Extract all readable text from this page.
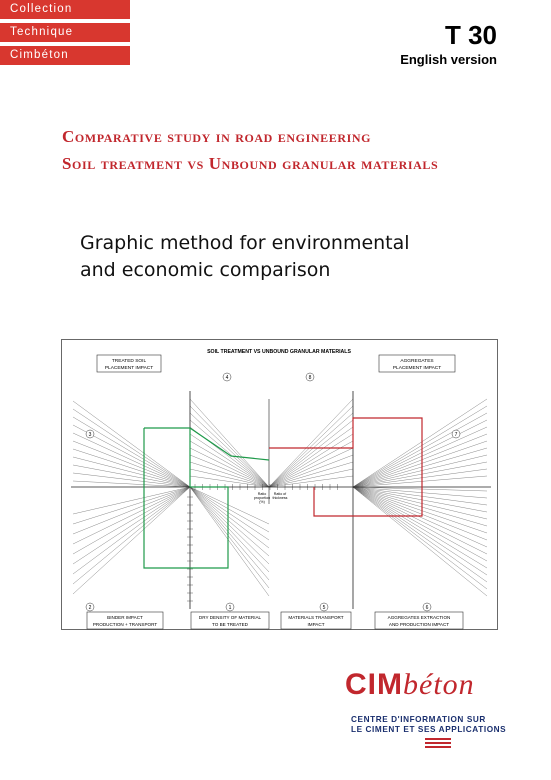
Collection
Technique
Cimbéton
T 30
English version
Comparative study in road engineering
Soil treatment vs Unbound granular materials
Graphic method for environmental
and economic comparison
SOIL TREATMENT VS UNBOUND GRANULAR MATERIALS
TREATED SOIL
PLACEMENT IMPACT
AGGREGATES
PLACEMENT IMPACT
4	8
3	7
Ratio
proportion
(%)
Ratio of
thickness
2
BINDER IMPACT
PRODUCTION + TRANSPORT
1
DRY DENSITY OF MATERIAL
TO BE TREATED
5
MATERIALS TRANSPORT
IMPACT
6
AGGREGATES EXTRACTION
AND PRODUCTION IMPACT
CIMbéton
CENTRE D'INFORMATION SUR
LE CIMENT ET SES APPLICATIONS
